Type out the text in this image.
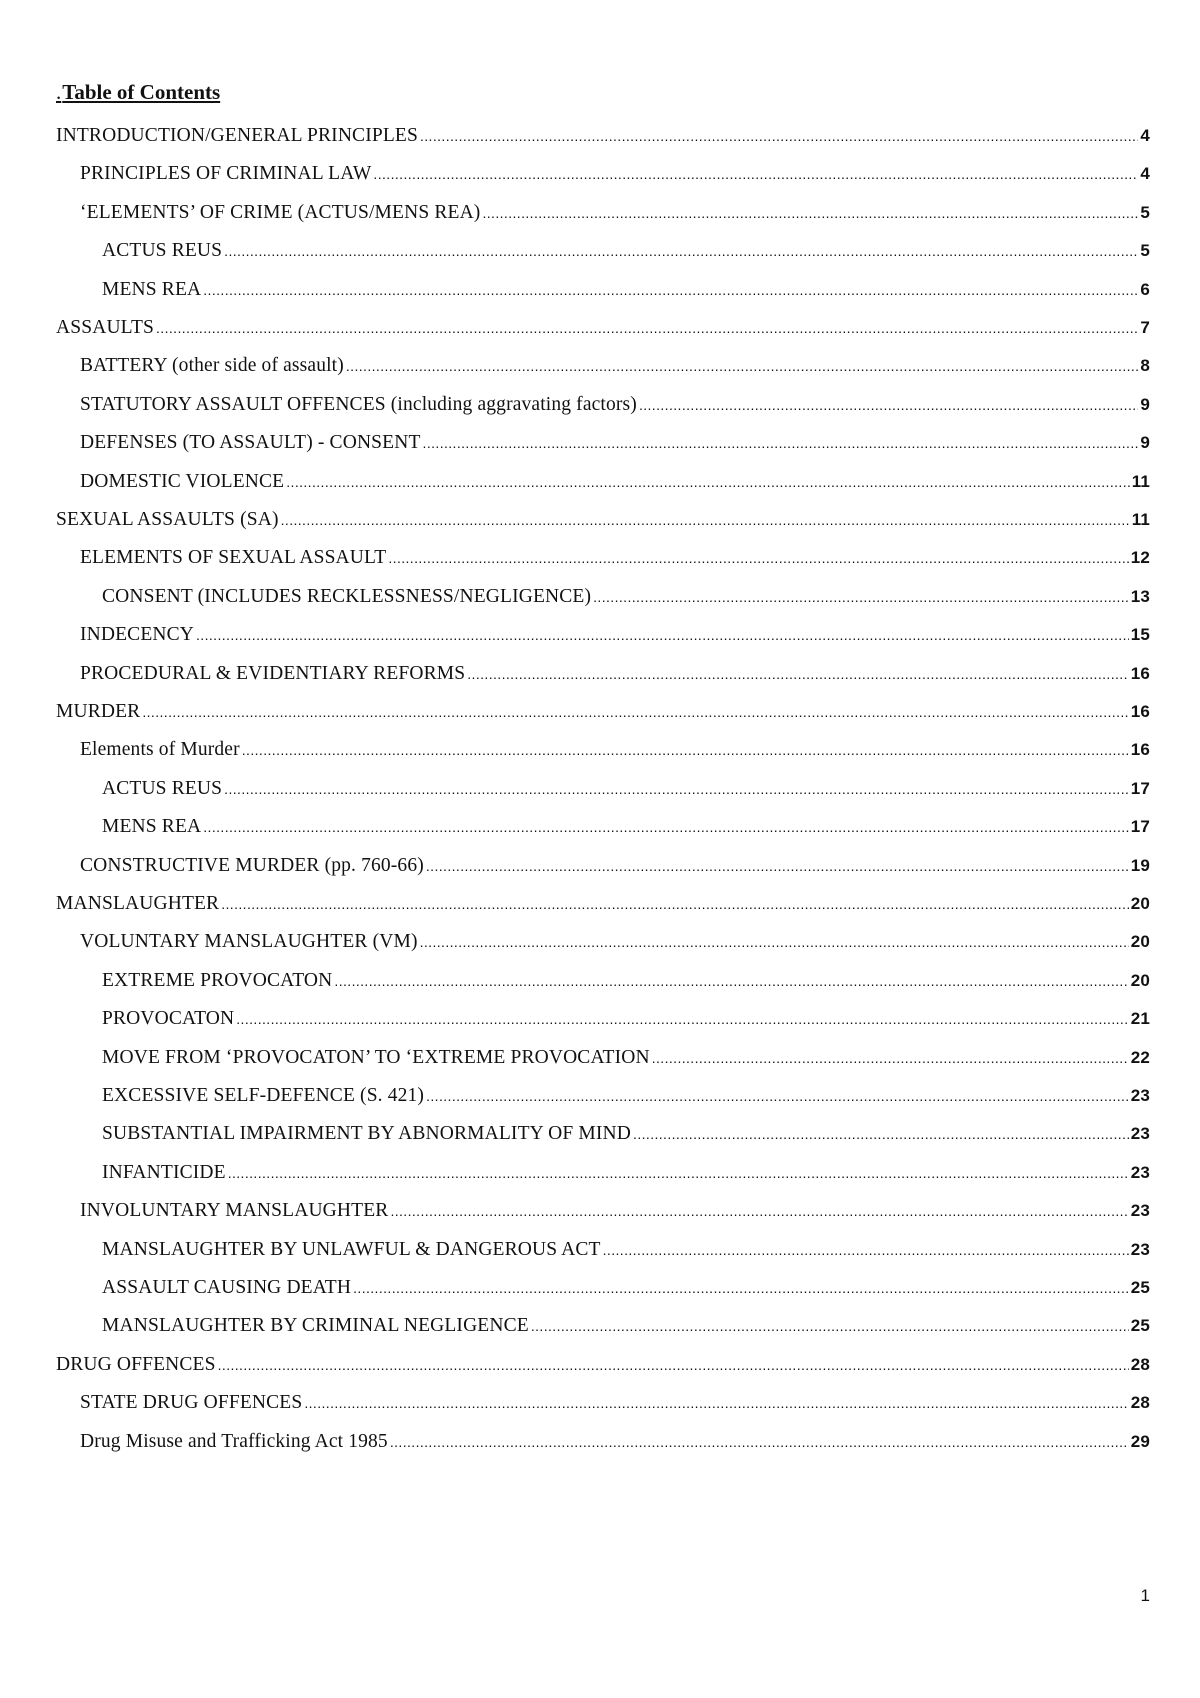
.Table of Contents
INTRODUCTION/GENERAL PRINCIPLES .....	4
PRINCIPLES OF CRIMINAL LAW .....	4
‘ELEMENTS’ OF CRIME (ACTUS/MENS REA) .....	5
ACTUS REUS .....	5
MENS REA .....	6
ASSAULTS .....	7
BATTERY (other side of assault) .....	8
STATUTORY ASSAULT OFFENCES (including aggravating factors) .....	9
DEFENSES (TO ASSAULT) - CONSENT .....	9
DOMESTIC VIOLENCE .....	11
SEXUAL ASSAULTS (SA) .....	11
ELEMENTS OF SEXUAL ASSAULT .....	12
CONSENT (INCLUDES RECKLESSNESS/NEGLIGENCE) .....	13
INDECENCY .....	15
PROCEDURAL & EVIDENTIARY REFORMS .....	16
MURDER .....	16
Elements of Murder .....	16
ACTUS REUS .....	17
MENS REA .....	17
CONSTRUCTIVE MURDER (pp. 760-66) .....	19
MANSLAUGHTER .....	20
VOLUNTARY MANSLAUGHTER (VM) .....	20
EXTREME PROVOCATON .....	20
PROVOCATON .....	21
MOVE FROM ‘PROVOCATON’ TO ‘EXTREME PROVOCATION .....	22
EXCESSIVE SELF-DEFENCE (S. 421) .....	23
SUBSTANTIAL IMPAIRMENT BY ABNORMALITY OF MIND .....	23
INFANTICIDE .....	23
INVOLUNTARY MANSLAUGHTER .....	23
MANSLAUGHTER BY UNLAWFUL & DANGEROUS ACT .....	23
ASSAULT CAUSING DEATH .....	25
MANSLAUGHTER BY CRIMINAL NEGLIGENCE .....	25
DRUG OFFENCES .....	28
STATE DRUG OFFENCES .....	28
Drug Misuse and Trafficking Act 1985 .....	29
1
